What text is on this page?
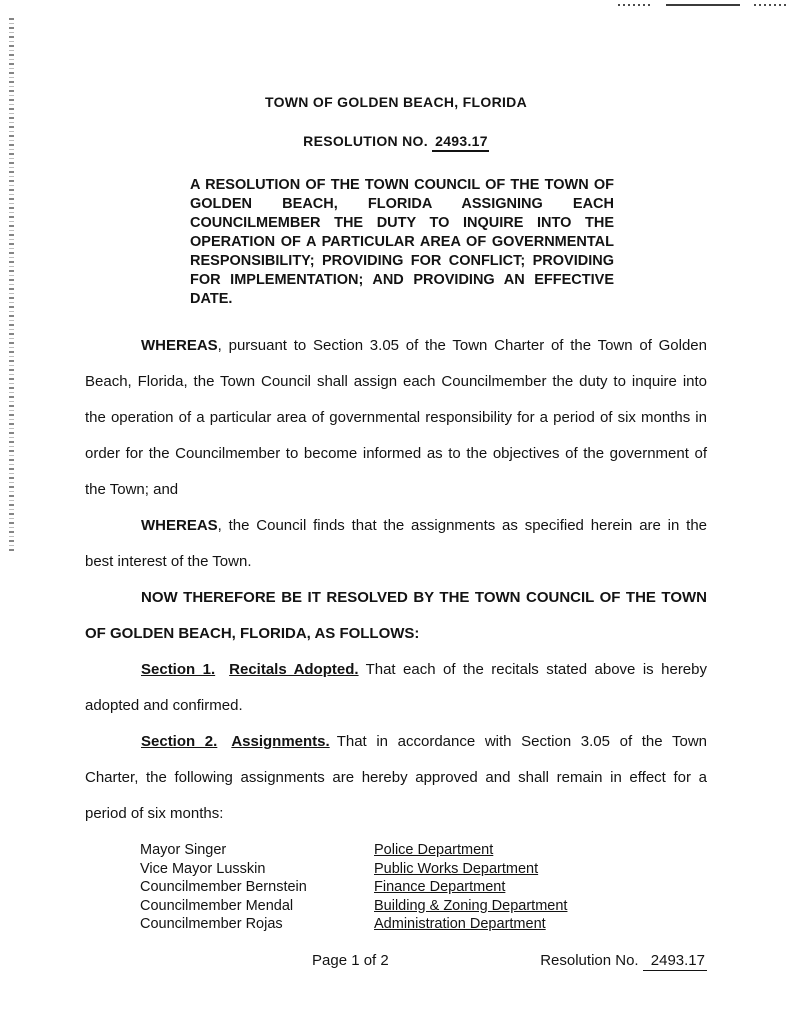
TOWN OF GOLDEN BEACH, FLORIDA
RESOLUTION NO. 2493.17
A RESOLUTION OF THE TOWN COUNCIL OF THE TOWN OF GOLDEN BEACH, FLORIDA ASSIGNING EACH COUNCILMEMBER THE DUTY TO INQUIRE INTO THE OPERATION OF A PARTICULAR AREA OF GOVERNMENTAL RESPONSIBILITY; PROVIDING FOR CONFLICT; PROVIDING FOR IMPLEMENTATION; AND PROVIDING AN EFFECTIVE DATE.

WHEREAS, pursuant to Section 3.05 of the Town Charter of the Town of Golden Beach, Florida, the Town Council shall assign each Councilmember the duty to inquire into the operation of a particular area of governmental responsibility for a period of six months in order for the Councilmember to become informed as to the objectives of the government of the Town; and

WHEREAS, the Council finds that the assignments as specified herein are in the best interest of the Town.

NOW THEREFORE BE IT RESOLVED BY THE TOWN COUNCIL OF THE TOWN OF GOLDEN BEACH, FLORIDA, AS FOLLOWS:

Section 1. Recitals Adopted. That each of the recitals stated above is hereby adopted and confirmed.

Section 2. Assignments. That in accordance with Section 3.05 of the Town Charter, the following assignments are hereby approved and shall remain in effect for a period of six months:

Mayor Singer	Police Department
Vice Mayor Lusskin	Public Works Department
Councilmember Bernstein	Finance Department
Councilmember Mendal	Building & Zoning Department
Councilmember Rojas	Administration Department
Page 1 of 2	Resolution No. 2493.17
